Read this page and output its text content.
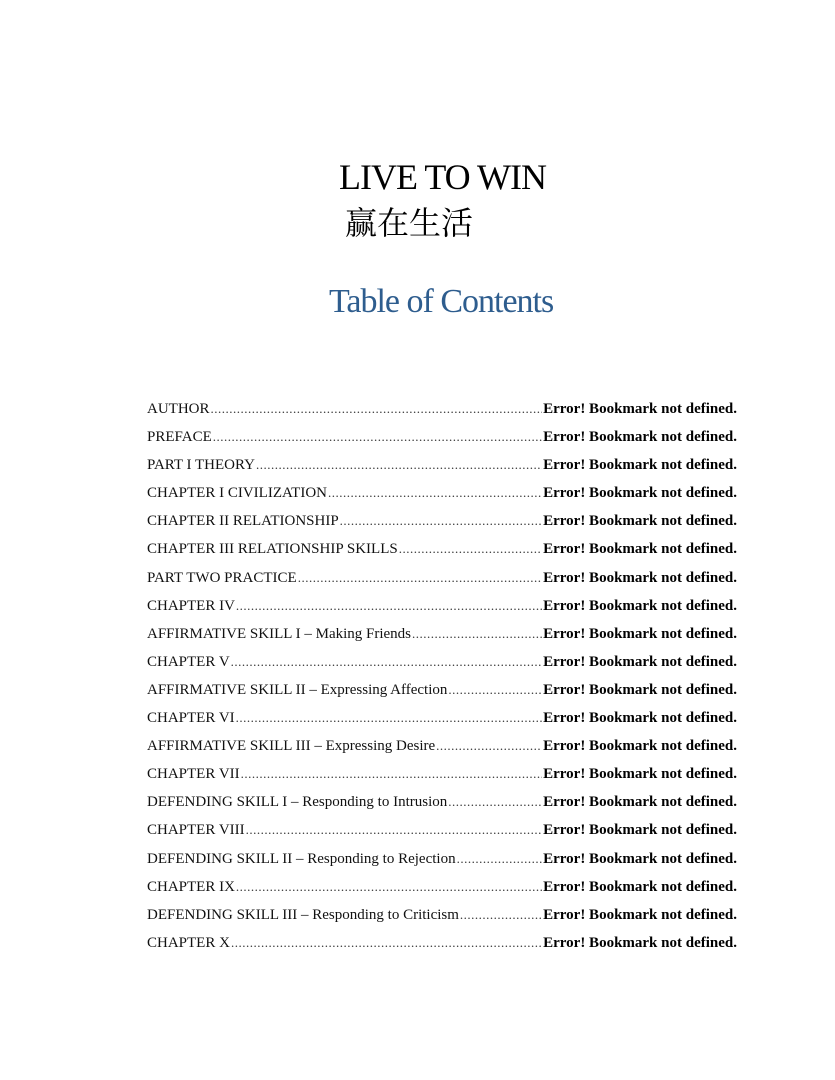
LIVE TO WIN
赢在生活
Table of Contents
AUTHOR .....	Error! Bookmark not defined.
PREFACE .....	Error! Bookmark not defined.
PART I THEORY .....	Error! Bookmark not defined.
CHAPTER I CIVILIZATION .....	Error! Bookmark not defined.
CHAPTER II RELATIONSHIP .....	Error! Bookmark not defined.
CHAPTER III RELATIONSHIP SKILLS .....	Error! Bookmark not defined.
PART TWO PRACTICE .....	Error! Bookmark not defined.
CHAPTER IV .....	Error! Bookmark not defined.
AFFIRMATIVE SKILL I – Making Friends .....	Error! Bookmark not defined.
CHAPTER V .....	Error! Bookmark not defined.
AFFIRMATIVE SKILL II – Expressing Affection .....	Error! Bookmark not defined.
CHAPTER VI .....	Error! Bookmark not defined.
AFFIRMATIVE SKILL III – Expressing Desire .....	Error! Bookmark not defined.
CHAPTER VII .....	Error! Bookmark not defined.
DEFENDING SKILL I – Responding to Intrusion .....	Error! Bookmark not defined.
CHAPTER VIII .....	Error! Bookmark not defined.
DEFENDING SKILL II – Responding to Rejection .....	Error! Bookmark not defined.
CHAPTER IX .....	Error! Bookmark not defined.
DEFENDING SKILL III – Responding to Criticism .....	Error! Bookmark not defined.
CHAPTER X .....	Error! Bookmark not defined.
